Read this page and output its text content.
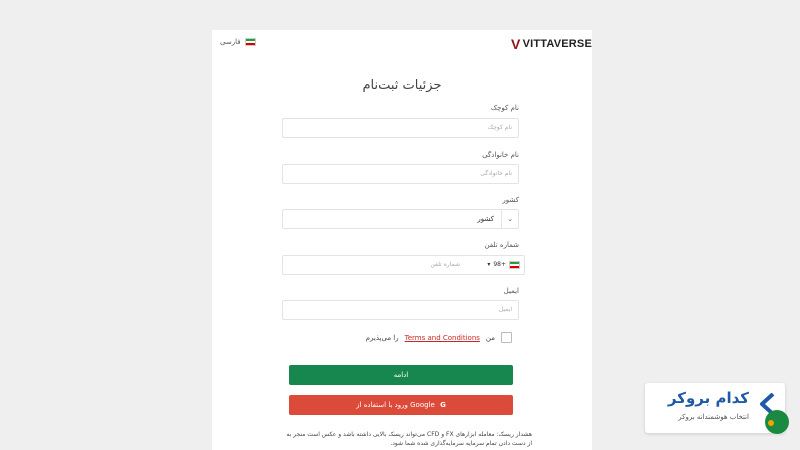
فارسی	V VITTAVERSE
جزئیات ثبت‌نام
نام کوچک
نام کوچک
نام خانوادگی
نام خانوادگی
کشور
کشور	⌄
شماره تلفن
▾ 98+
شماره تلفن
ایمیل
ایمیل
من
Terms and Conditions
را می‌پذیرم
ادامه
ورود با استفاده از Google G
هشدار ریسک: معامله ابزارهای FX و CFD می‌تواند ریسک بالایی داشته باشد و عکس است منجر به از دست دادن تمام سرمایه سرمایه‌گذاری شده شما شود.
کدام بروکر
انتخاب هوشمندانه بروکر
